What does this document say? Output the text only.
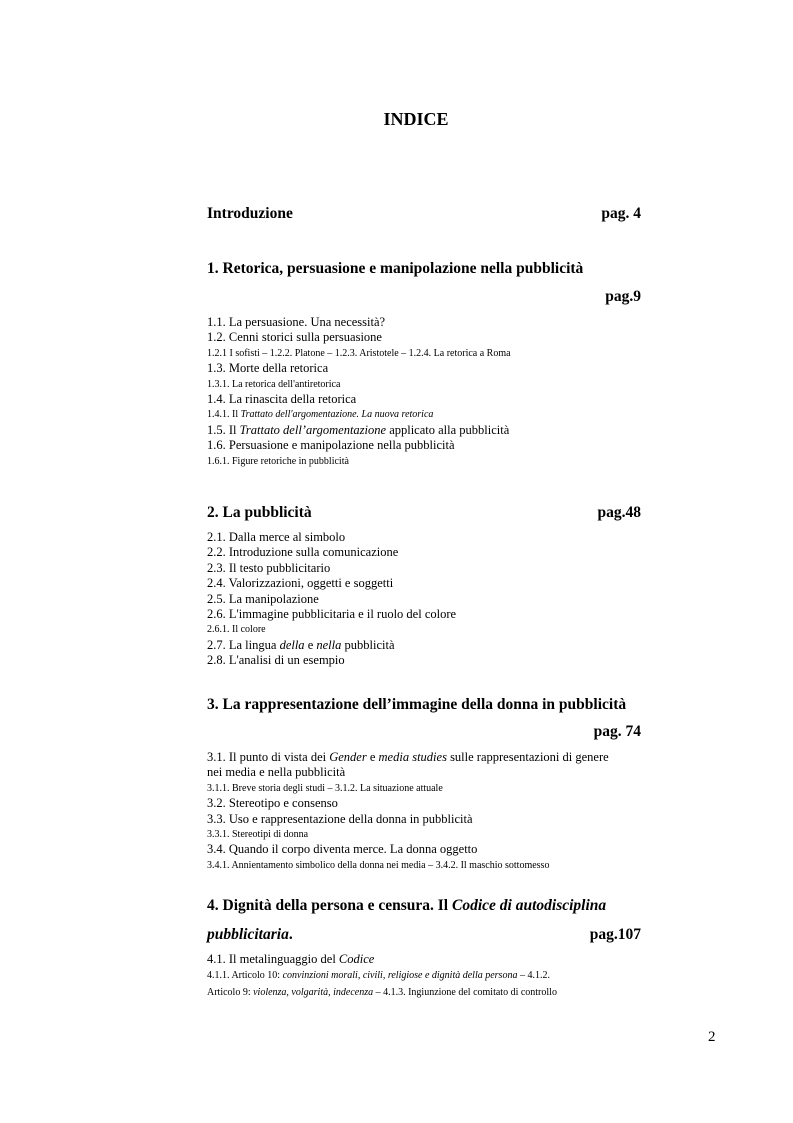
INDICE
Introduzione	pag. 4
1. Retorica, persuasione e manipolazione nella pubblicità
pag.9
1.1. La persuasione. Una necessità?
1.2. Cenni storici sulla persuasione
1.2.1 I sofisti – 1.2.2. Platone – 1.2.3. Aristotele – 1.2.4. La retorica a Roma
1.3. Morte della retorica
1.3.1. La retorica dell'antiretorica
1.4. La rinascita della retorica
1.4.1. Il Trattato dell'argomentazione. La nuova retorica
1.5. Il Trattato dell’argomentazione applicato alla pubblicità
1.6. Persuasione e manipolazione nella pubblicità
1.6.1. Figure retoriche in pubblicità
2. La pubblicità	pag.48
2.1. Dalla merce al simbolo
2.2. Introduzione sulla comunicazione
2.3. Il testo pubblicitario
2.4. Valorizzazioni, oggetti e soggetti
2.5. La manipolazione
2.6. L'immagine pubblicitaria e il ruolo del colore
2.6.1. Il colore
2.7. La lingua della e nella pubblicità
2.8. L'analisi di un esempio
3. La rappresentazione dell’immagine della donna in pubblicità
pag. 74
3.1. Il punto di vista dei Gender e media studies sulle rappresentazioni di genere
nei media e nella pubblicità
3.1.1. Breve storia degli studi – 3.1.2. La situazione attuale
3.2. Stereotipo e consenso
3.3. Uso e rappresentazione della donna in pubblicità
3.3.1. Stereotipi di donna
3.4. Quando il corpo diventa merce. La donna oggetto
3.4.1. Annientamento simbolico della donna nei media – 3.4.2. Il maschio sottomesso
4. Dignità della persona e censura. Il Codice di autodisciplina
pubblicitaria.	pag.107
4.1. Il metalinguaggio del Codice
4.1.1. Articolo 10: convinzioni morali, civili, religiose e dignità della persona – 4.1.2.
Articolo 9: violenza, volgarità, indecenza – 4.1.3. Ingiunzione del comitato di controllo
2
